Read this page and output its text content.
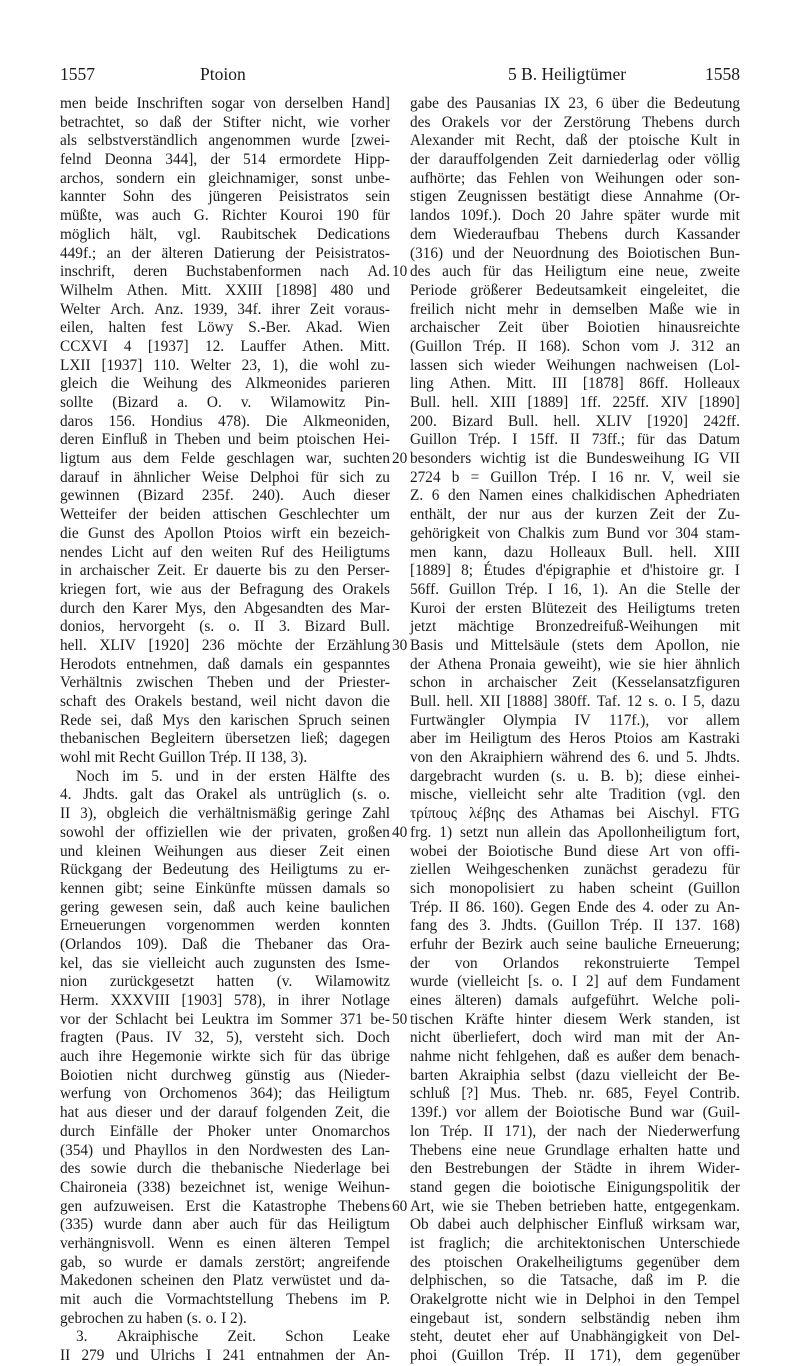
1557	Ptoion	5 B. Heiligtümer	1558
men beide Inschriften sogar von derselben Hand]
betrachtet, so daß der Stifter nicht, wie vorher
als selbstverständlich angenommen wurde [zwei-
felnd Deonna 344], der 514 ermordete Hipp-
archos, sondern ein gleichnamiger, sonst unbe-
kannter Sohn des jüngeren Peisistratos sein
müßte, was auch G. Richter Kouroi 190 für
möglich hält, vgl. Raubitschek Dedications
449f.; an der älteren Datierung der Peisistratos-
inschrift, deren Buchstabenformen nach Ad.
Wilhelm Athen. Mitt. XXIII [1898] 480 und
Welter Arch. Anz. 1939, 34f. ihrer Zeit voraus-
eilen, halten fest Löwy S.-Ber. Akad. Wien
CCXVI 4 [1937] 12. Lauffer Athen. Mitt.
LXII [1937] 110. Welter 23, 1), die wohl zu-
gleich die Weihung des Alkmeonides parieren
sollte (Bizard a. O. v. Wilamowitz Pin-
daros 156. Hondius 478). Die Alkmeoniden,
deren Einfluß in Theben und beim ptoischen Hei-
ligtum aus dem Felde geschlagen war, suchten
darauf in ähnlicher Weise Delphoi für sich zu
gewinnen (Bizard 235f. 240). Auch dieser
Wetteifer der beiden attischen Geschlechter um
die Gunst des Apollon Ptoios wirft ein bezeich-
nendes Licht auf den weiten Ruf des Heiligtums
in archaischer Zeit. Er dauerte bis zu den Perser-
kriegen fort, wie aus der Befragung des Orakels
durch den Karer Mys, den Abgesandten des Mar-
donios, hervorgeht (s. o. II 3. Bizard Bull.
hell. XLIV [1920] 236 möchte der Erzählung
Herodots entnehmen, daß damals ein gespanntes
Verhältnis zwischen Theben und der Priester-
schaft des Orakels bestand, weil nicht davon die
Rede sei, daß Mys den karischen Spruch seinen
thebanischen Begleitern übersetzen ließ; dagegen
wohl mit Recht Guillon Trép. II 138, 3).
Noch im 5. und in der ersten Hälfte des
4. Jhdts. galt das Orakel als untrüglich (s. o.
II 3), obgleich die verhältnismäßig geringe Zahl
sowohl der offiziellen wie der privaten, großen
und kleinen Weihungen aus dieser Zeit einen
Rückgang der Bedeutung des Heiligtums zu er-
kennen gibt; seine Einkünfte müssen damals so
gering gewesen sein, daß auch keine baulichen
Erneuerungen vorgenommen werden konnten
(Orlandos 109). Daß die Thebaner das Ora-
kel, das sie vielleicht auch zugunsten des Isme-
nion zurückgesetzt hatten (v. Wilamowitz
Herm. XXXVIII [1903] 578), in ihrer Notlage
vor der Schlacht bei Leuktra im Sommer 371 be-
fragten (Paus. IV 32, 5), versteht sich. Doch
auch ihre Hegemonie wirkte sich für das übrige
Boiotien nicht durchweg günstig aus (Nieder-
werfung von Orchomenos 364); das Heiligtum
hat aus dieser und der darauf folgenden Zeit, die
durch Einfälle der Phoker unter Onomarchos
(354) und Phayllos in den Nordwesten des Lan-
des sowie durch die thebanische Niederlage bei
Chaironeia (338) bezeichnet ist, wenige Weihun-
gen aufzuweisen. Erst die Katastrophe Thebens
(335) wurde dann aber auch für das Heiligtum
verhängnisvoll. Wenn es einen älteren Tempel
gab, so wurde er damals zerstört; angreifende
Makedonen scheinen den Platz verwüstet und da-
mit auch die Vormachtstellung Thebens im P.
gebrochen zu haben (s. o. I 2).
3. Akraiphische Zeit. Schon Leake
II 279 und Ulrichs I 241 entnahmen der An-
gabe des Pausanias IX 23, 6 über die Bedeutung
des Orakels vor der Zerstörung Thebens durch
Alexander mit Recht, daß der ptoische Kult in
der darauffolgenden Zeit darniederlag oder völlig
aufhörte; das Fehlen von Weihungen oder son-
stigen Zeugnissen bestätigt diese Annahme (Or-
landos 109f.). Doch 20 Jahre später wurde mit
dem Wiederaufbau Thebens durch Kassander
(316) und der Neuordnung des Boiotischen Bun-
des auch für das Heiligtum eine neue, zweite
Periode größerer Bedeutsamkeit eingeleitet, die
freilich nicht mehr in demselben Maße wie in
archaischer Zeit über Boiotien hinausreichte
(Guillon Trép. II 168). Schon vom J. 312 an
lassen sich wieder Weihungen nachweisen (Lol-
ling Athen. Mitt. III [1878] 86ff. Holleaux
Bull. hell. XIII [1889] 1ff. 225ff. XIV [1890]
200. Bizard Bull. hell. XLIV [1920] 242ff.
Guillon Trép. I 15ff. II 73ff.; für das Datum
besonders wichtig ist die Bundesweihung IG VII
2724 b = Guillon Trép. I 16 nr. V, weil sie
Z. 6 den Namen eines chalkidischen Aphedriaten
enthält, der nur aus der kurzen Zeit der Zu-
gehörigkeit von Chalkis zum Bund vor 304 stam-
men kann, dazu Holleaux Bull. hell. XIII
[1889] 8; Études d'épigraphie et d'histoire gr. I
56ff. Guillon Trép. I 16, 1). An die Stelle der
Kuroi der ersten Blütezeit des Heiligtums treten
jetzt mächtige Bronzedreifuß-Weihungen mit
Basis und Mittelsäule (stets dem Apollon, nie
der Athena Pronaia geweiht), wie sie hier ähnlich
schon in archaischer Zeit (Kesselansatzfiguren
Bull. hell. XII [1888] 380ff. Taf. 12 s. o. I 5, dazu
Furtwängler Olympia IV 117f.), vor allem
aber im Heiligtum des Heros Ptoios am Kastraki
von den Akraiphiern während des 6. und 5. Jhdts.
dargebracht wurden (s. u. B. b); diese einhei-
mische, vielleicht sehr alte Tradition (vgl. den
τρίπους λέβης des Athamas bei Aischyl. FTG
frg. 1) setzt nun allein das Apollonheiligtum fort,
wobei der Boiotische Bund diese Art von offi-
ziellen Weihgeschenken zunächst geradezu für
sich monopolisiert zu haben scheint (Guillon
Trép. II 86. 160). Gegen Ende des 4. oder zu An-
fang des 3. Jhdts. (Guillon Trép. II 137. 168)
erfuhr der Bezirk auch seine bauliche Erneuerung;
der von Orlandos rekonstruierte Tempel
wurde (vielleicht [s. o. I 2] auf dem Fundament
eines älteren) damals aufgeführt. Welche poli-
tischen Kräfte hinter diesem Werk standen, ist
nicht überliefert, doch wird man mit der An-
nahme nicht fehlgehen, daß es außer dem benach-
barten Akraiphia selbst (dazu vielleicht der Be-
schluß [?] Mus. Theb. nr. 685, Feyel Contrib.
139f.) vor allem der Boiotische Bund war (Guil-
lon Trép. II 171), der nach der Niederwerfung
Thebens eine neue Grundlage erhalten hatte und
den Bestrebungen der Städte in ihrem Wider-
stand gegen die boiotische Einigungspolitik der
Art, wie sie Theben betrieben hatte, entgegenkam.
Ob dabei auch delphischer Einfluß wirksam war,
ist fraglich; die architektonischen Unterschiede
des ptoischen Orakelheiligtums gegenüber dem
delphischen, so die Tatsache, daß im P. die
Orakelgrotte nicht wie in Delphoi in den Tempel
eingebaut ist, sondern selbständig neben ihm
steht, deutet eher auf Unabhängigkeit von Del-
phoi (Guillon Trép. II 171), dem gegenüber
10
20
30
40
50
60
